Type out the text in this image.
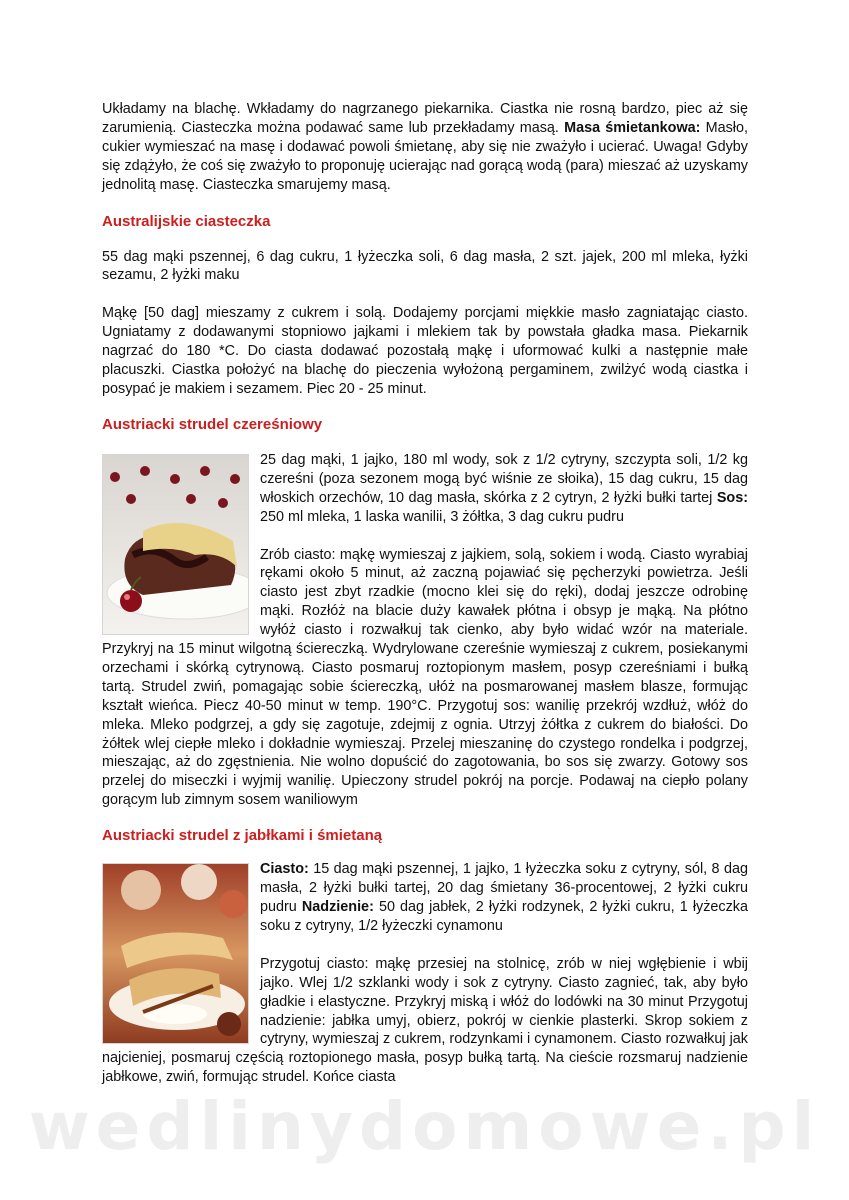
Układamy na blachę. Wkładamy do nagrzanego piekarnika. Ciastka nie rosną bardzo, piec aż się zarumienią. Ciasteczka można podawać same lub przekładamy masą. Masa śmietankowa: Masło, cukier wymieszać na masę i dodawać powoli śmietanę, aby się nie zważyło i ucierać. Uwaga! Gdyby się zdążyło, że coś się zważyło to proponuję ucierając nad gorącą wodą (para) mieszać aż uzyskamy jednolitą masę. Ciasteczka smarujemy masą.

Australijskie ciasteczka

55 dag mąki pszennej, 6 dag cukru, 1 łyżeczka soli, 6 dag masła, 2 szt. jajek, 200 ml mleka, łyżki sezamu, 2 łyżki maku

Mąkę [50 dag] mieszamy z cukrem i solą. Dodajemy porcjami miękkie masło zagniatając ciasto. Ugniatamy z dodawanymi stopniowo jajkami i mlekiem tak by powstała gładka masa. Piekarnik nagrzać do 180 *C. Do ciasta dodawać pozostałą mąkę i uformować kulki a następnie małe placuszki. Ciastka położyć na blachę do pieczenia wyłożoną pergaminem, zwilżyć wodą ciastka i posypać je makiem i sezamem. Piec 20 - 25 minut.

Austriacki strudel czereśniowy

25 dag mąki, 1 jajko, 180 ml wody, sok z 1/2 cytryny, szczypta soli, 1/2 kg czereśni (poza sezonem mogą być wiśnie ze słoika), 15 dag cukru, 15 dag włoskich orzechów, 10 dag masła, skórka z 2 cytryn, 2 łyżki bułki tartej Sos: 250 ml mleka, 1 laska wanilii, 3 żółtka, 3 dag cukru pudru

Zrób ciasto: mąkę wymieszaj z jajkiem, solą, sokiem i wodą. Ciasto wyrabiaj rękami około 5 minut, aż zaczną pojawiać się pęcherzyki powietrza. Jeśli ciasto jest zbyt rzadkie (mocno klei się do ręki), dodaj jeszcze odrobinę mąki. Rozłóż na blacie duży kawałek płótna i obsyp je mąką. Na płótno wyłóż ciasto i rozwałkuj tak cienko, aby było widać wzór na materiale. Przykryj na 15 minut wilgotną ściereczką. Wydrylowane czereśnie wymieszaj z cukrem, posiekanymi orzechami i skórką cytrynową. Ciasto posmaruj roztopionym masłem, posyp czereśniami i bułką tartą. Strudel zwiń, pomagając sobie ściereczką, ułóż na posmarowanej masłem blasze, formując kształt wieńca. Piecz 40-50 minut w temp. 190°C. Przygotuj sos: wanilię przekrój wzdłuż, włóż do mleka. Mleko podgrzej, a gdy się zagotuje, zdejmij z ognia. Utrzyj żółtka z cukrem do białości. Do żółtek wlej ciepłe mleko i dokładnie wymieszaj. Przelej mieszaninę do czystego rondelka i podgrzej, mieszając, aż do zgęstnienia. Nie wolno dopuścić do zagotowania, bo sos się zwarzy. Gotowy sos przelej do miseczki i wyjmij wanilię. Upieczony strudel pokrój na porcje. Podawaj na ciepło polany gorącym lub zimnym sosem waniliowym

Austriacki strudel z jabłkami i śmietaną

Ciasto: 15 dag mąki pszennej, 1 jajko, 1 łyżeczka soku z cytryny, sól, 8 dag masła, 2 łyżki bułki tartej, 20 dag śmietany 36-procentowej, 2 łyżki cukru pudru Nadzienie: 50 dag jabłek, 2 łyżki rodzynek, 2 łyżki cukru, 1 łyżeczka soku z cytryny, 1/2 łyżeczki cynamonu

Przygotuj ciasto: mąkę przesiej na stolnicę, zrób w niej wgłębienie i wbij jajko. Wlej 1/2 szklanki wody i sok z cytryny. Ciasto zagnieć, tak, aby było gładkie i elastyczne. Przykryj miską i włóż do lodówki na 30 minut Przygotuj nadzienie: jabłka umyj, obierz, pokrój w cienkie plasterki. Skrop sokiem z cytryny, wymieszaj z cukrem, rodzynkami i cynamonem. Ciasto rozwałkuj jak najcieniej, posmaruj częścią roztopionego masła, posyp bułką tartą. Na cieście rozsmaruj nadzienie jabłkowe, zwiń, formując strudel. Końce ciasta

wedlinydomowe.pl
